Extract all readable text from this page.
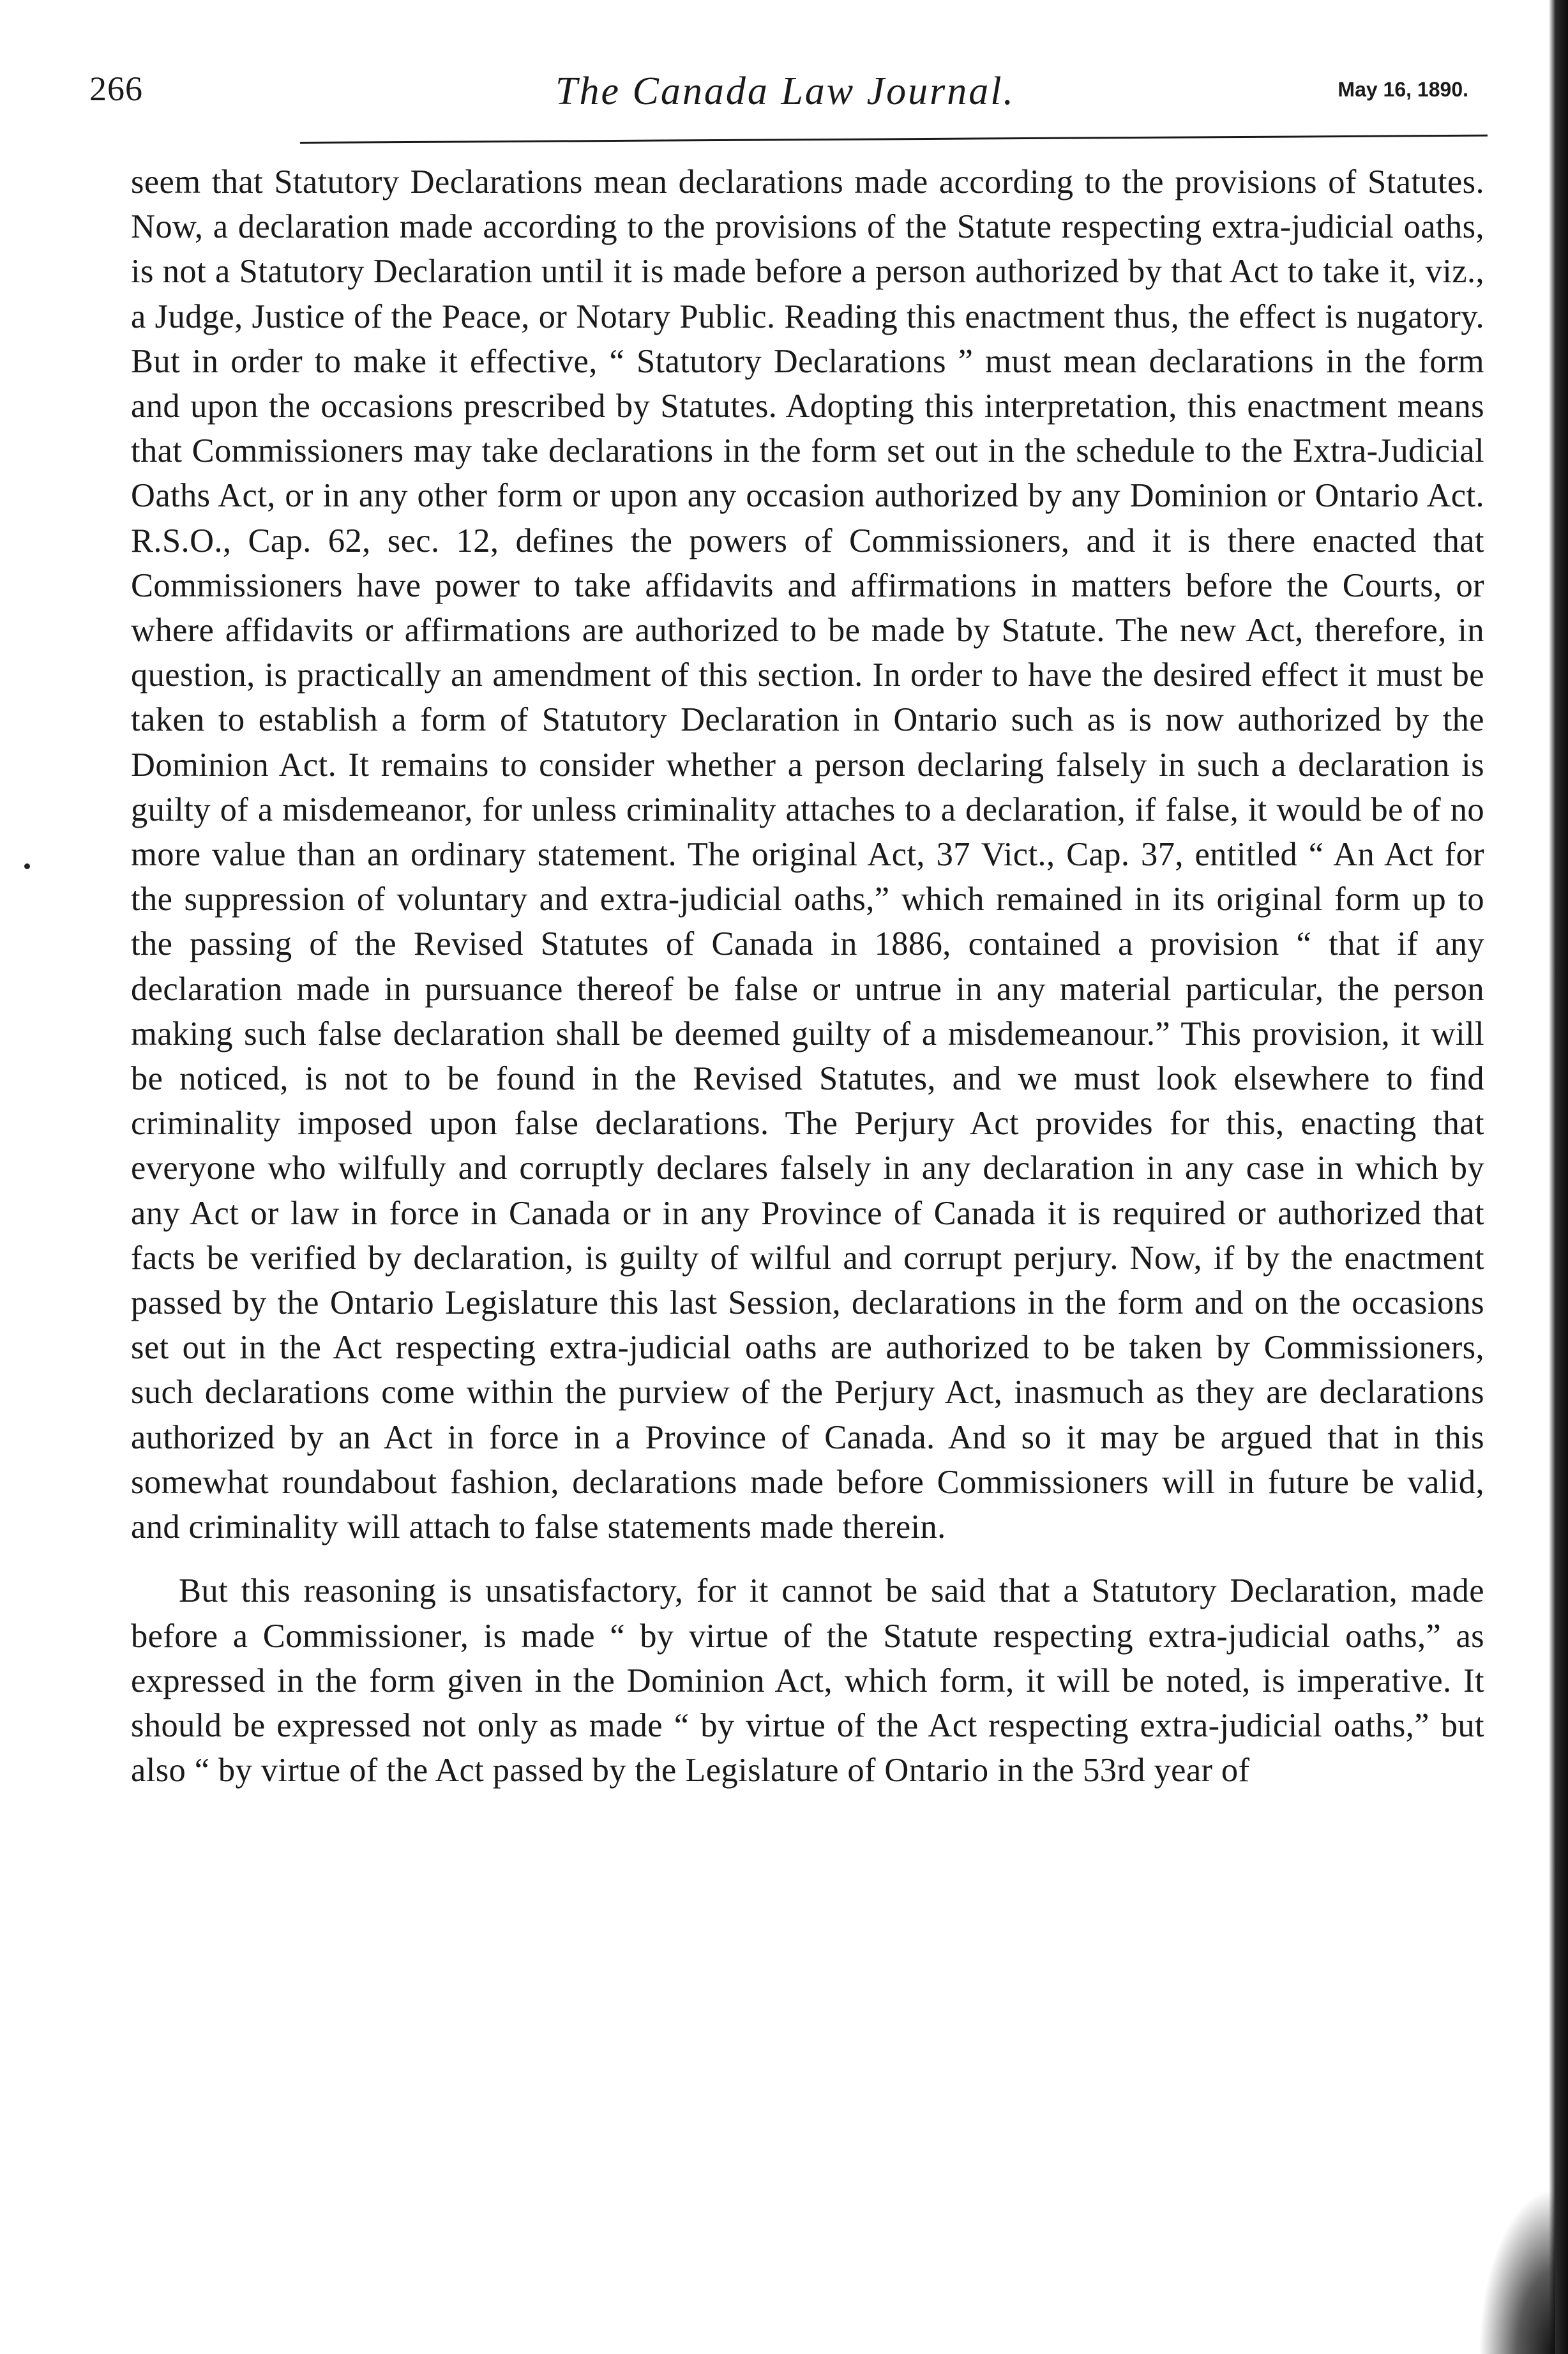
266	The Canada Law Journal.	May 16, 1890.

seem that Statutory Declarations mean declarations made according to the provisions of Statutes. Now, a declaration made according to the provisions of the Statute respecting extra-judicial oaths, is not a Statutory Declaration until it is made before a person authorized by that Act to take it, viz., a Judge, Justice of the Peace, or Notary Public. Reading this enactment thus, the effect is nugatory. But in order to make it effective, “ Statutory Declarations ” must mean declarations in the form and upon the occasions prescribed by Statutes. Adopting this interpretation, this enactment means that Commissioners may take declarations in the form set out in the schedule to the Extra-Judicial Oaths Act, or in any other form or upon any occasion authorized by any Dominion or Ontario Act. R.S.O., Cap. 62, sec. 12, defines the powers of Commissioners, and it is there enacted that Commissioners have power to take affidavits and affirmations in matters before the Courts, or where affidavits or affirmations are authorized to be made by Statute. The new Act, therefore, in question, is practically an amendment of this section. In order to have the desired effect it must be taken to establish a form of Statutory Declaration in Ontario such as is now authorized by the Dominion Act. It remains to consider whether a person declaring falsely in such a declaration is guilty of a misdemeanor, for unless criminality attaches to a declaration, if false, it would be of no more value than an ordinary statement. The original Act, 37 Vict., Cap. 37, entitled “ An Act for the suppression of voluntary and extra-judicial oaths,” which remained in its original form up to the passing of the Revised Statutes of Canada in 1886, contained a provision “ that if any declaration made in pursuance thereof be false or untrue in any material particular, the person making such false declaration shall be deemed guilty of a misdemeanour.” This provision, it will be noticed, is not to be found in the Revised Statutes, and we must look elsewhere to find criminality imposed upon false declarations. The Perjury Act provides for this, enacting that everyone who wilfully and corruptly declares falsely in any declaration in any case in which by any Act or law in force in Canada or in any Province of Canada it is required or authorized that facts be verified by declaration, is guilty of wilful and corrupt perjury. Now, if by the enactment passed by the Ontario Legislature this last Session, declarations in the form and on the occasions set out in the Act respecting extra-judicial oaths are authorized to be taken by Commissioners, such declarations come within the purview of the Perjury Act, inasmuch as they are declarations authorized by an Act in force in a Province of Canada. And so it may be argued that in this somewhat roundabout fashion, declarations made before Commissioners will in future be valid, and criminality will attach to false statements made therein.

But this reasoning is unsatisfactory, for it cannot be said that a Statutory Declaration, made before a Commissioner, is made “ by virtue of the Statute respecting extra-judicial oaths,” as expressed in the form given in the Dominion Act, which form, it will be noted, is imperative. It should be expressed not only as made “ by virtue of the Act respecting extra-judicial oaths,” but also “ by virtue of the Act passed by the Legislature of Ontario in the 53rd year of
